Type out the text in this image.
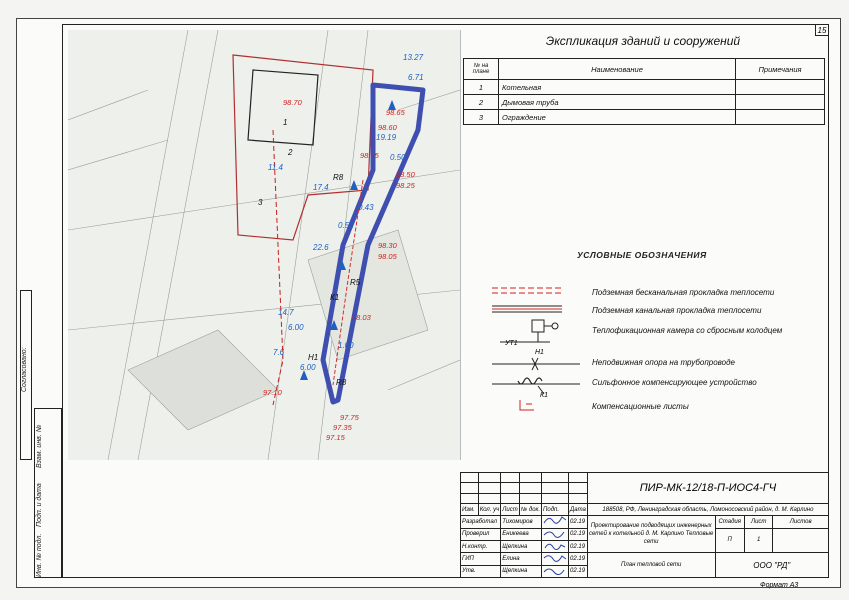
15
Согласовано:
Взам. инв. №
Подп. и дата
Инв. № подл.
13.27
6.71
19.19
17.4
22.6
11.4
14.7
7.6
98.70
98.65
98.60
98.55
98.50
98.25
98.30
98.05
98.03
97.75
97.35
97.15
97.10
6.00
6.00
1.00
0.43
0.50
0.52
1
2
3
R8
R8
R5
К1
Н1
Экспликация зданий и сооружений
№ на плане	Наименование	Примечания
1	Котельная	
2	Дымовая труба	
3	Ограждение	
УСЛОВНЫЕ ОБОЗНАЧЕНИЯ
УТ1
Н1
К1
Подземная бесканальная прокладка теплосети
Подземная канальная прокладка теплосети
Теплофикационная камера со сбросным колодцем
Неподвижная опора на трубопроводе
Сильфонное компенсирующее устройство
Компенсационные листы
						ПИР-МК-12/18-П-ИОС4-ГЧ			

Изм.	Кол. уч	Лист	№ док.	Подп.	Дата	188508, РФ, Ленинградская область, Ломоносовский район, д. М. Карлино			
Разработал		Тихомиров			02.19	Проектирование подводящих инженерных сетей к котельной д. М. Карлино Тепловые сети	Стадия	Лист	Листов
Проверил		Еникеева			02.19		П	1	
Н.контр.		Щепкина			02.19				
ГИП		Елина			02.19	План тепловой сети	ООО "РД"		
Утв.		Щепкина			02.19				
Формат А3
